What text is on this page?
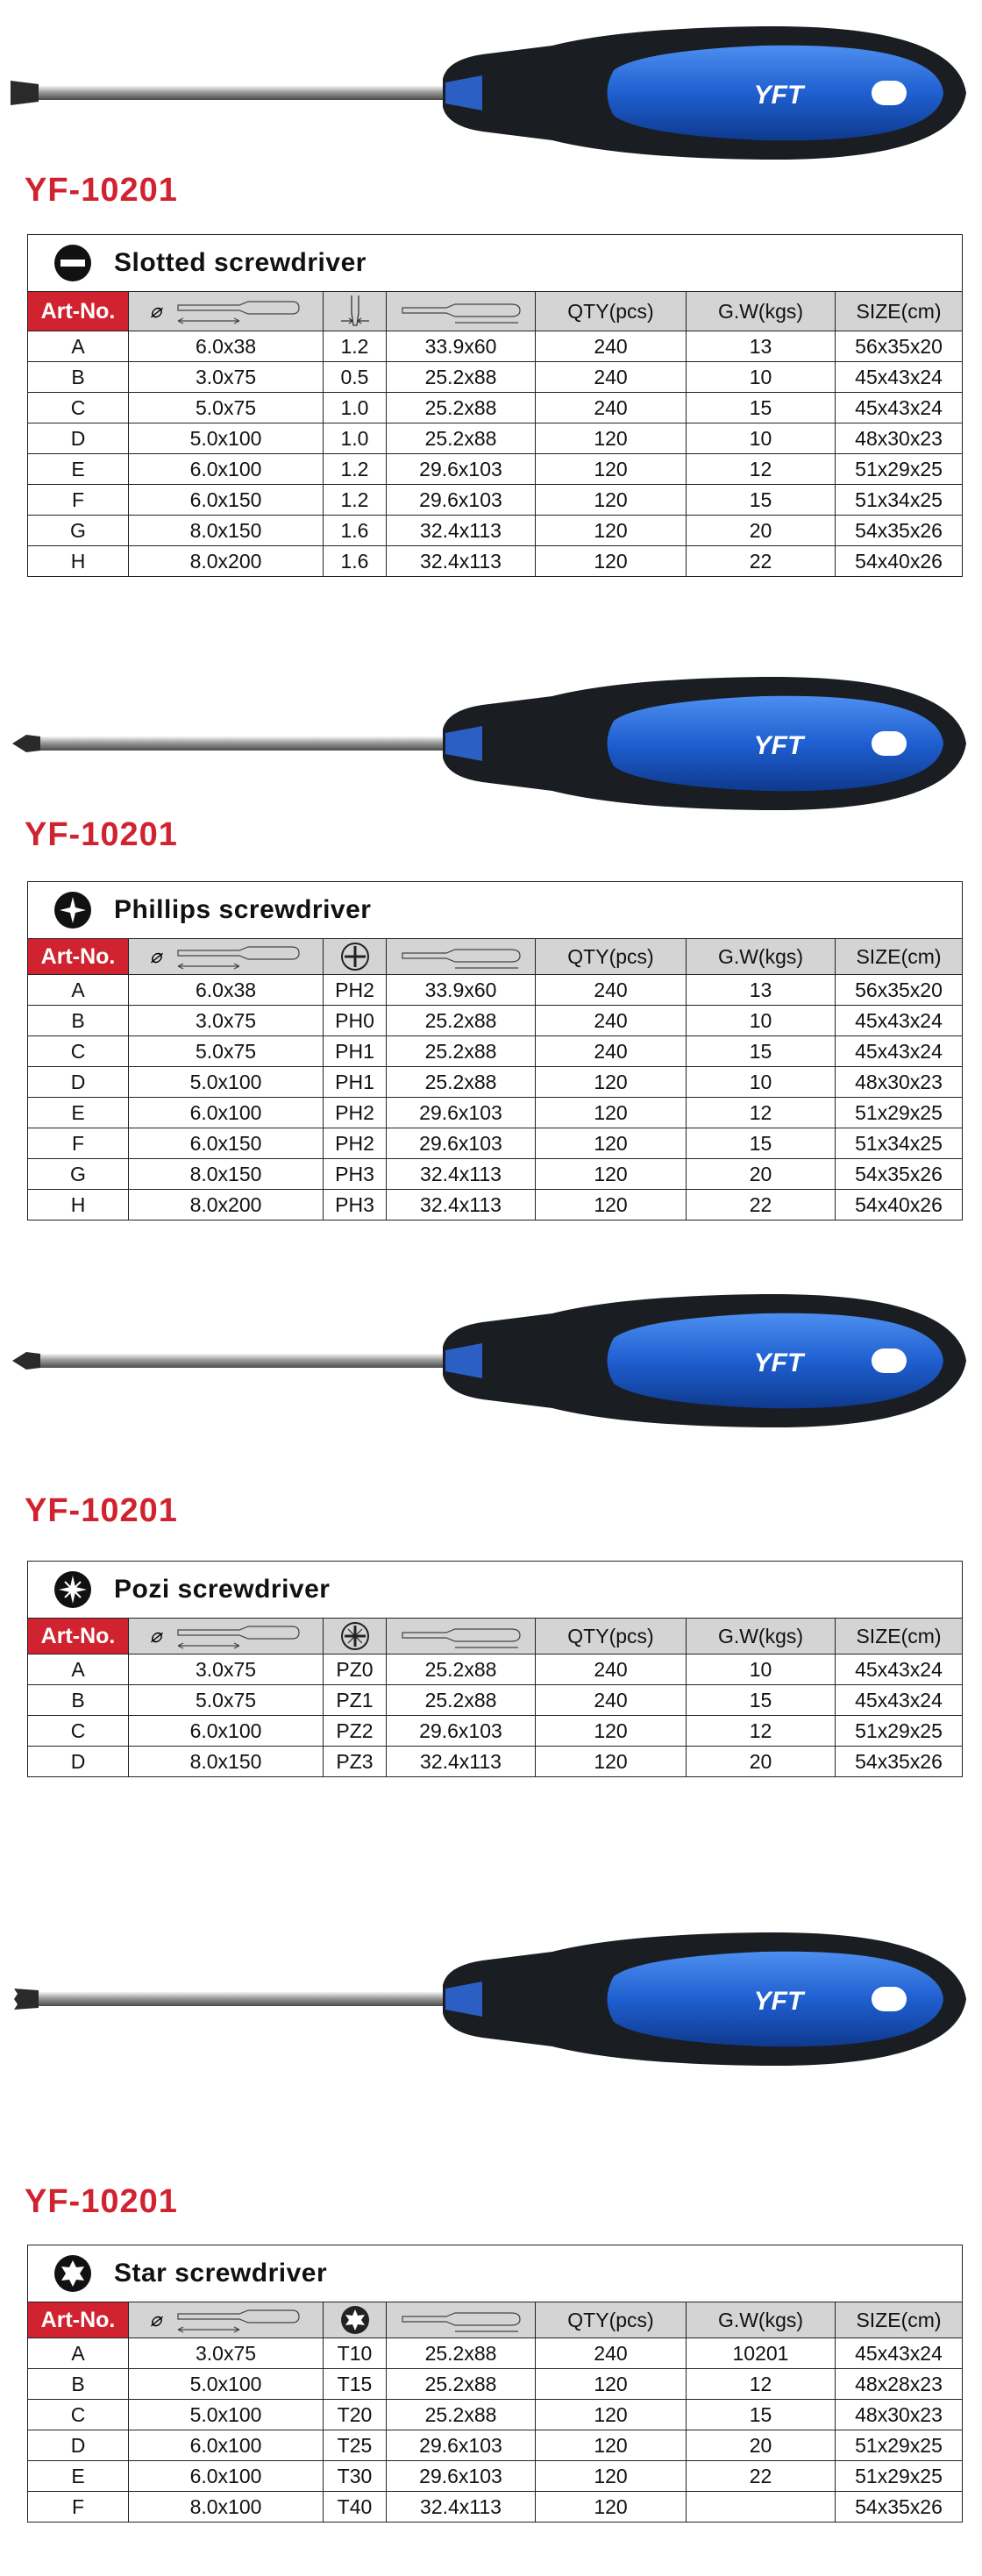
YFT
YF-10201
Slotted screwdriver						

Art-No.	⌀			QTY(pcs)	G.W(kgs)	SIZE(cm)
A	6.0x38	1.2	33.9x60	240	13	56x35x20
B	3.0x75	0.5	25.2x88	240	10	45x43x24
C	5.0x75	1.0	25.2x88	240	15	45x43x24
D	5.0x100	1.0	25.2x88	120	10	48x30x23
E	6.0x100	1.2	29.6x103	120	12	51x29x25
F	6.0x150	1.2	29.6x103	120	15	51x34x25
G	8.0x150	1.6	32.4x113	120	20	54x35x26
H	8.0x200	1.6	32.4x113	120	22	54x40x26
YFT
YF-10201
Phillips screwdriver						

Art-No.	⌀			QTY(pcs)	G.W(kgs)	SIZE(cm)
A	6.0x38	PH2	33.9x60	240	13	56x35x20
B	3.0x75	PH0	25.2x88	240	10	45x43x24
C	5.0x75	PH1	25.2x88	240	15	45x43x24
D	5.0x100	PH1	25.2x88	120	10	48x30x23
E	6.0x100	PH2	29.6x103	120	12	51x29x25
F	6.0x150	PH2	29.6x103	120	15	51x34x25
G	8.0x150	PH3	32.4x113	120	20	54x35x26
H	8.0x200	PH3	32.4x113	120	22	54x40x26
YFT
YF-10201
Pozi screwdriver						

Art-No.	⌀			QTY(pcs)	G.W(kgs)	SIZE(cm)
A	3.0x75	PZ0	25.2x88	240	10	45x43x24
B	5.0x75	PZ1	25.2x88	240	15	45x43x24
C	6.0x100	PZ2	29.6x103	120	12	51x29x25
D	8.0x150	PZ3	32.4x113	120	20	54x35x26
YFT
YF-10201
Star screwdriver						

Art-No.	⌀			QTY(pcs)	G.W(kgs)	SIZE(cm)
A	3.0x75	T10	25.2x88	240	10201	45x43x24
B	5.0x100	T15	25.2x88	120	12	48x28x23
C	5.0x100	T20	25.2x88	120	15	48x30x23
D	6.0x100	T25	29.6x103	120	20	51x29x25
E	6.0x100	T30	29.6x103	120	22	51x29x25
F	8.0x100	T40	32.4x113	120		54x35x26
